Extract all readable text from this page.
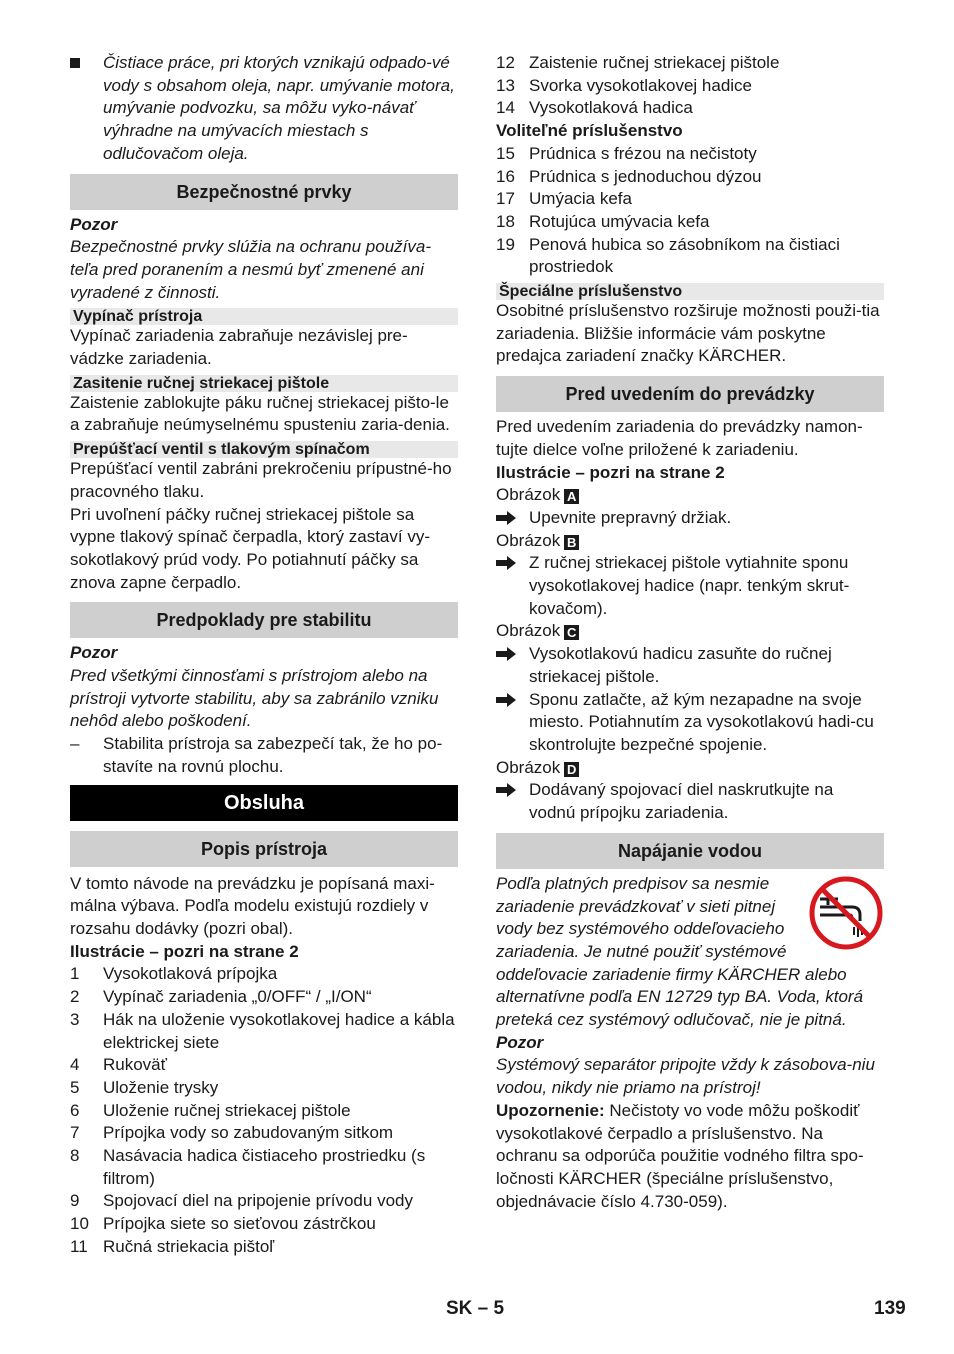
Čistiace práce, pri ktorých vznikajú odpado-vé vody s obsahom oleja, napr. umývanie motora, umývanie podvozku, sa môžu vyko-návať výhradne na umývacích miestach s odlučovačom oleja.
Bezpečnostné prvky

Pozor

Bezpečnostné prvky slúžia na ochranu používa-teľa pred poranením a nesmú byť zmenené ani vyradené z činnosti.

Vypínač prístroja

Vypínač zariadenia zabraňuje nezávislej pre-vádzke zariadenia.

Zasitenie ručnej striekacej pištole

Zaistenie zablokujte páku ručnej striekacej pišto-le a zabraňuje neúmyselnému spusteniu zaria-denia.

Prepúšťací ventil s tlakovým spínačom

Prepúšťací ventil zabráni prekročeniu prípustné-ho pracovného tlaku.

Pri uvoľnení páčky ručnej striekacej pištole sa vypne tlakový spínač čerpadla, ktorý zastaví vy-sokotlakový prúd vody. Po potiahnutí páčky sa znova zapne čerpadlo.

Predpoklady pre stabilitu

Pozor

Pred všetkými činnosťami s prístrojom alebo na prístroji vytvorte stabilitu, aby sa zabránilo vzniku nehôd alebo poškodení.

– Stabilita prístroja sa zabezpečí tak, že ho po-stavíte na rovnú plochu.
Obsluha
Popis prístroja

V tomto návode na prevádzku je popísaná maxi-málna výbava. Podľa modelu existujú rozdiely v rozsahu dodávky (pozri obal).

Ilustrácie – pozri na strane 2

1 Vysokotlaková prípojka
2 Vypínač zariadenia „0/OFF“ / „I/ON“
3 Hák na uloženie vysokotlakovej hadice a kábla elektrickej siete
4 Rukoväť
5 Uloženie trysky
6 Uloženie ručnej striekacej pištole
7 Prípojka vody so zabudovaným sitkom
8 Nasávacia hadica čistiaceho prostriedku (s filtrom)
9 Spojovací diel na pripojenie prívodu vody
10 Prípojka siete so sieťovou zástrčkou
11 Ručná striekacia pištoľ
12 Zaistenie ručnej striekacej pištole
13 Svorka vysokotlakovej hadice
14 Vysokotlaková hadica

Voliteľné príslušenstvo

15 Prúdnica s frézou na nečistoty
16 Prúdnica s jednoduchou dýzou
17 Umýacia kefa
18 Rotujúca umývacia kefa
19 Penová hubica so zásobníkom na čistiaci prostriedok
Špeciálne príslušenstvo

Osobitné príslušenstvo rozširuje možnosti použi-tia zariadenia. Bližšie informácie vám poskytne predajca zariadení značky KÄRCHER.

Pred uvedením do prevádzky

Pred uvedením zariadenia do prevádzky namon-tujte dielce voľne priložené k zariadeniu.

Ilustrácie – pozri na strane 2

Obrázok A

Upevnite prepravný držiak.

Obrázok B

Z ručnej striekacej pištole vytiahnite sponu vysokotlakovej hadice (napr. tenkým skrut-kovačom).

Obrázok C

Vysokotlakovú hadicu zasuňte do ručnej striekacej pištole.
Sponu zatlačte, až kým nezapadne na svoje miesto. Potiahnutím za vysokotlakovú hadi-cu skontrolujte bezpečné spojenie.

Obrázok D

Dodávaný spojovací diel naskrutkujte na vodnú prípojku zariadenia.
Napájanie vodou

Podľa platných predpisov sa nesmie zariadenie prevádzkovať v sieti pitnej vody bez systémového oddeľovacieho zariadenia. Je nutné použiť systémové oddeľovacie zariadenie firmy KÄRCHER alebo alternatívne podľa EN 12729 typ BA. Voda, ktorá preteká cez systémový odlučovač, nie je pitná.

Pozor

Systémový separátor pripojte vždy k zásobova-niu vodou, nikdy nie priamo na prístroj!

Upozornenie: Nečistoty vo vode môžu poškodiť vysokotlakové čerpadlo a príslušenstvo. Na ochranu sa odporúča použitie vodného filtra spo-ločnosti KÄRCHER (špeciálne príslušenstvo, objednávacie číslo 4.730-059).

SK – 5	139
